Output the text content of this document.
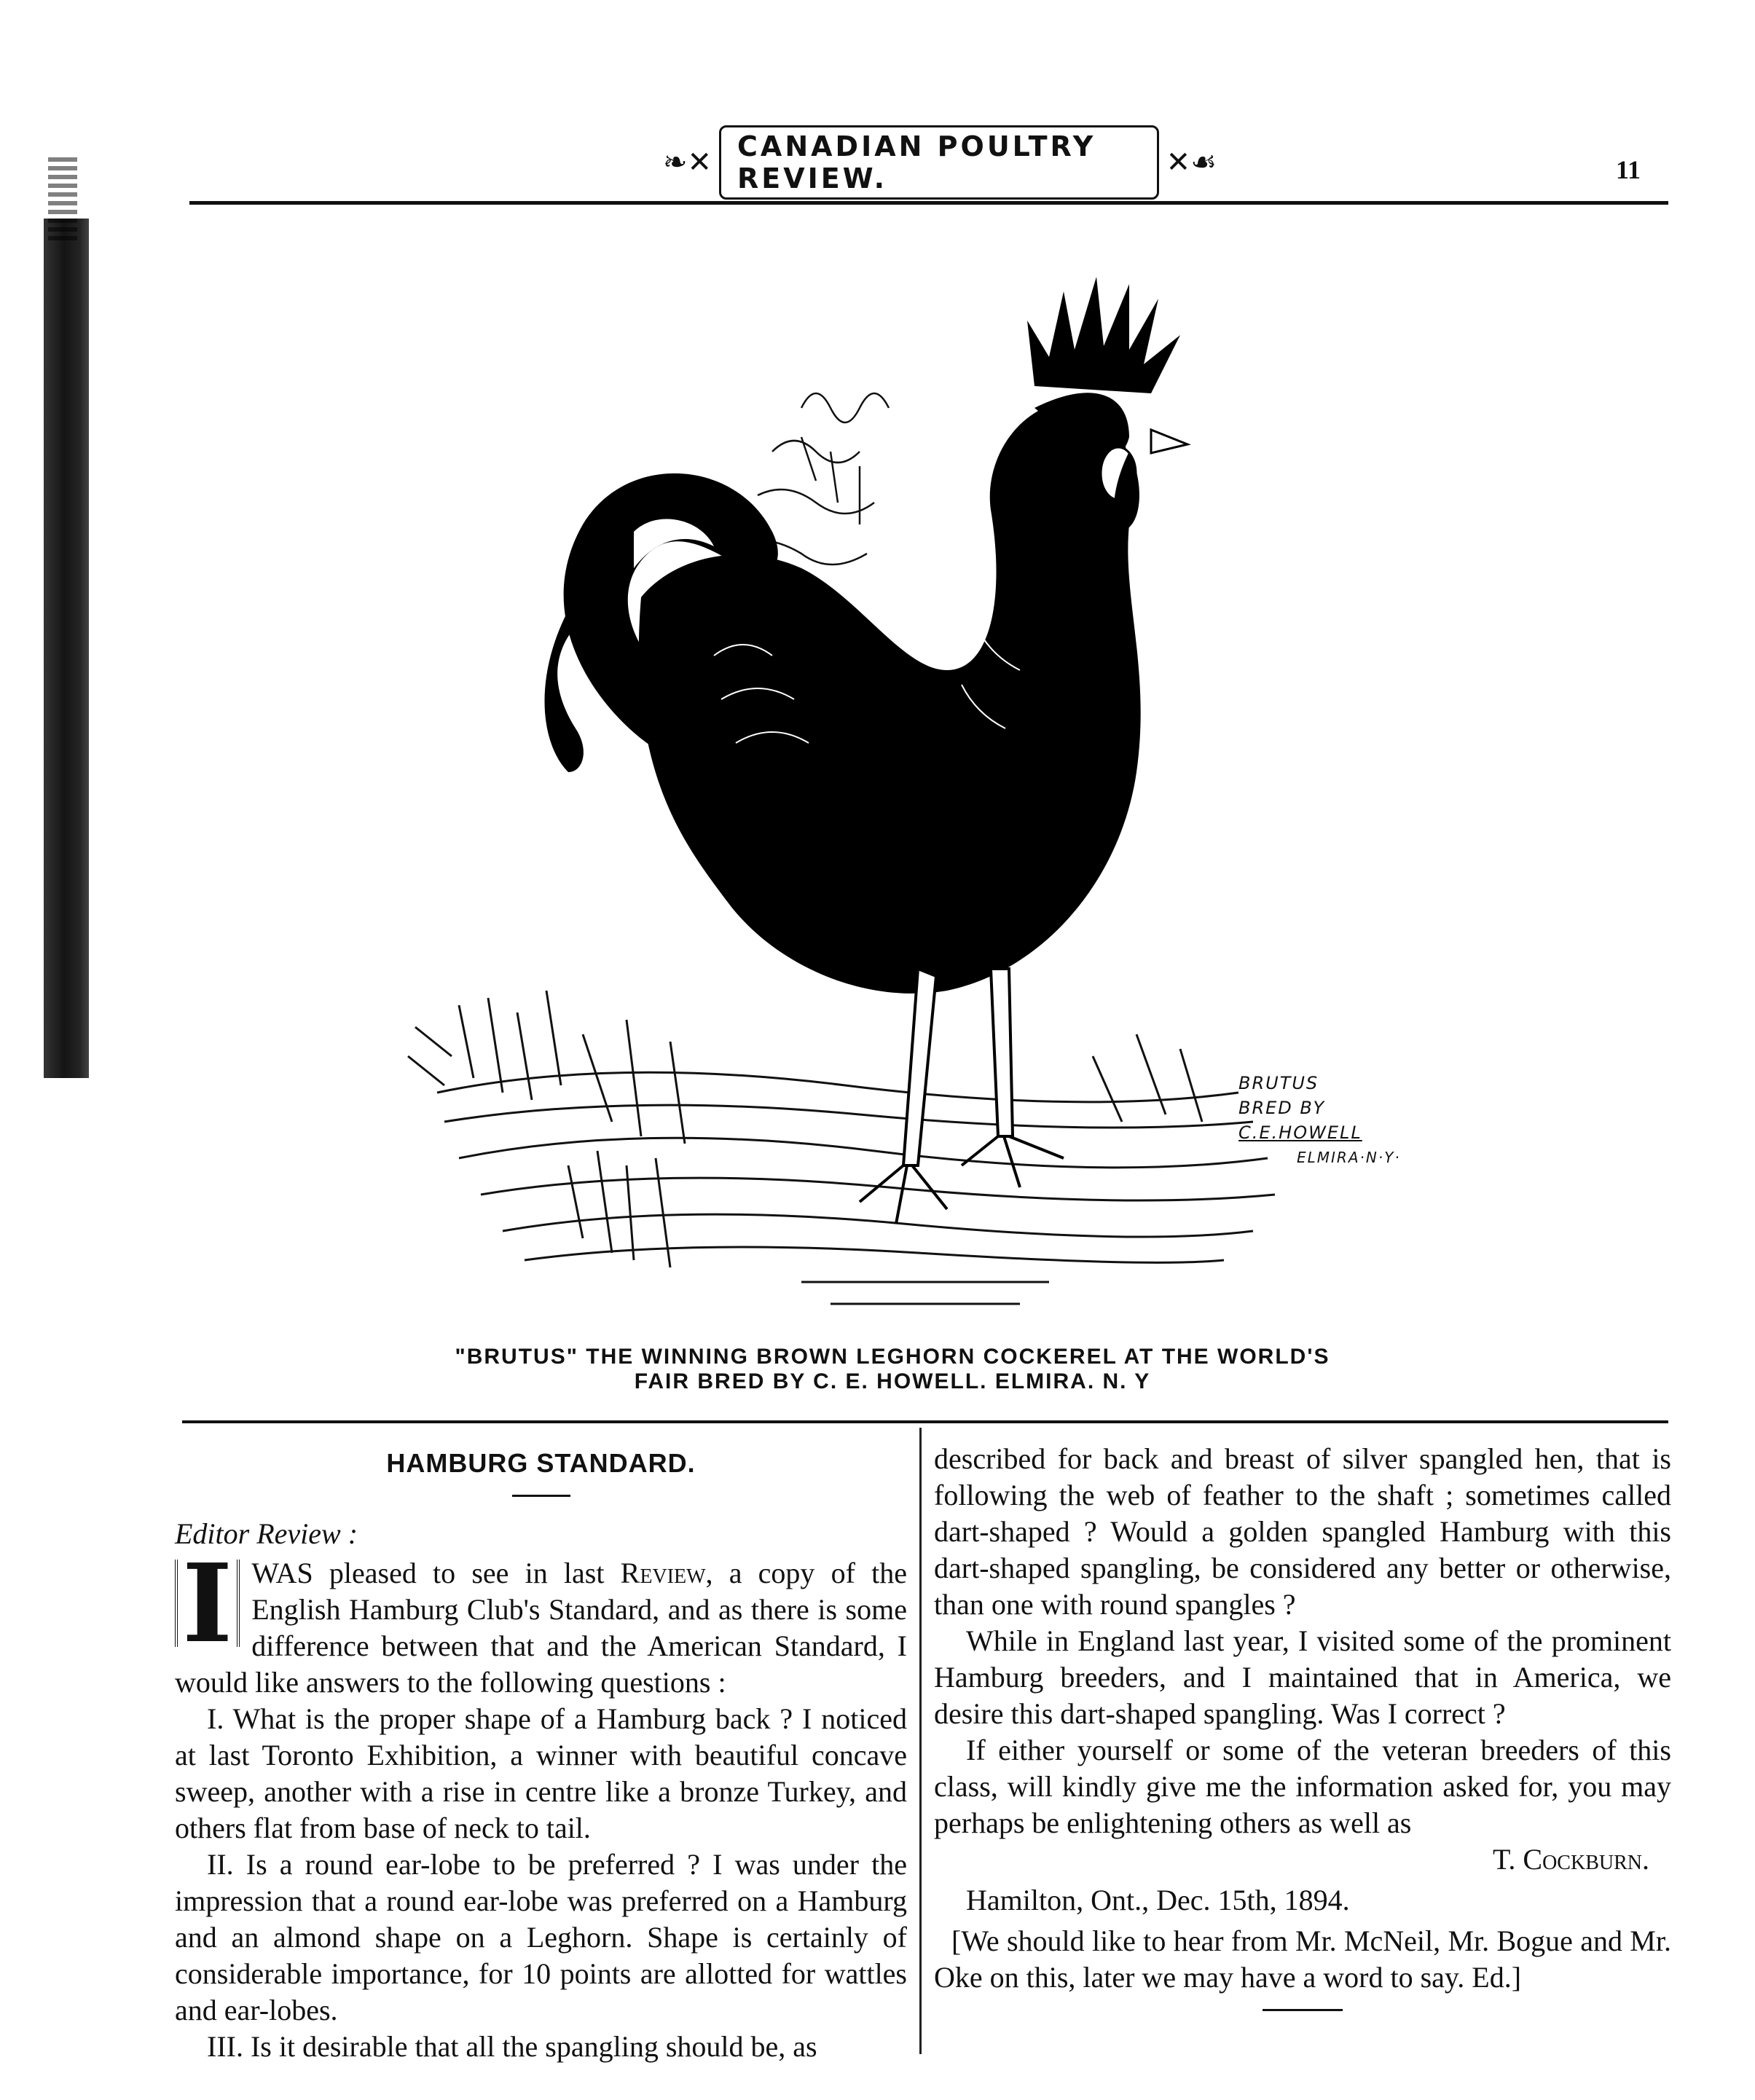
❧✕ CANADIAN POULTRY REVIEW.	✕☙	11
BRUTUS
BRED BY
C.E.HOWELL
ELMIRA·N·Y·
"BRUTUS" THE WINNING BROWN LEGHORN COCKEREL AT THE WORLD'S
FAIR BRED BY C. E. HOWELL. ELMIRA. N. Y
HAMBURG STANDARD.

Editor Review :

I WAS pleased to see in last Review, a copy of the English Hamburg Club's Standard, and as there is some difference between that and the American Standard, I would like answers to the following questions :

I. What is the proper shape of a Hamburg back ? I noticed at last Toronto Exhibition, a winner with beautiful concave sweep, another with a rise in centre like a bronze Turkey, and others flat from base of neck to tail.

II. Is a round ear-lobe to be preferred ? I was under the impression that a round ear-lobe was preferred on a Hamburg and an almond shape on a Leghorn. Shape is certainly of considerable importance, for 10 points are allotted for wattles and ear-lobes.

III. Is it desirable that all the spangling should be, as

described for back and breast of silver spangled hen, that is following the web of feather to the shaft ; sometimes called dart-shaped ? Would a golden spangled Hamburg with this dart-shaped spangling, be considered any better or otherwise, than one with round spangles ?

While in England last year, I visited some of the prominent Hamburg breeders, and I maintained that in America, we desire this dart-shaped spangling. Was I correct ?

If either yourself or some of the veteran breeders of this class, will kindly give me the information asked for, you may perhaps be enlightening others as well as

T. Cockburn.

Hamilton, Ont., Dec. 15th, 1894.

[We should like to hear from Mr. McNeil, Mr. Bogue and Mr. Oke on this, later we may have a word to say. Ed.]
